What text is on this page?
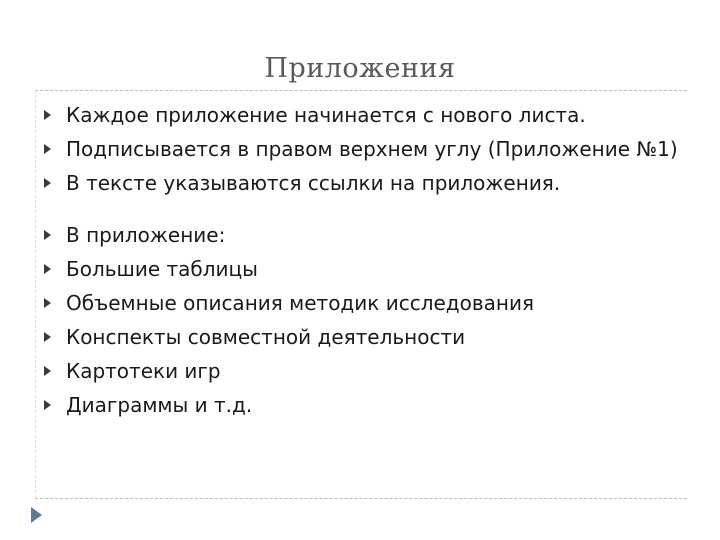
Приложения
Каждое приложение начинается с нового листа.
Подписывается в правом верхнем углу (Приложение №1)
В тексте указываются ссылки на приложения.
В приложение:
Большие таблицы
Объемные описания методик исследования
Конспекты совместной деятельности
Картотеки игр
Диаграммы и т.д.
